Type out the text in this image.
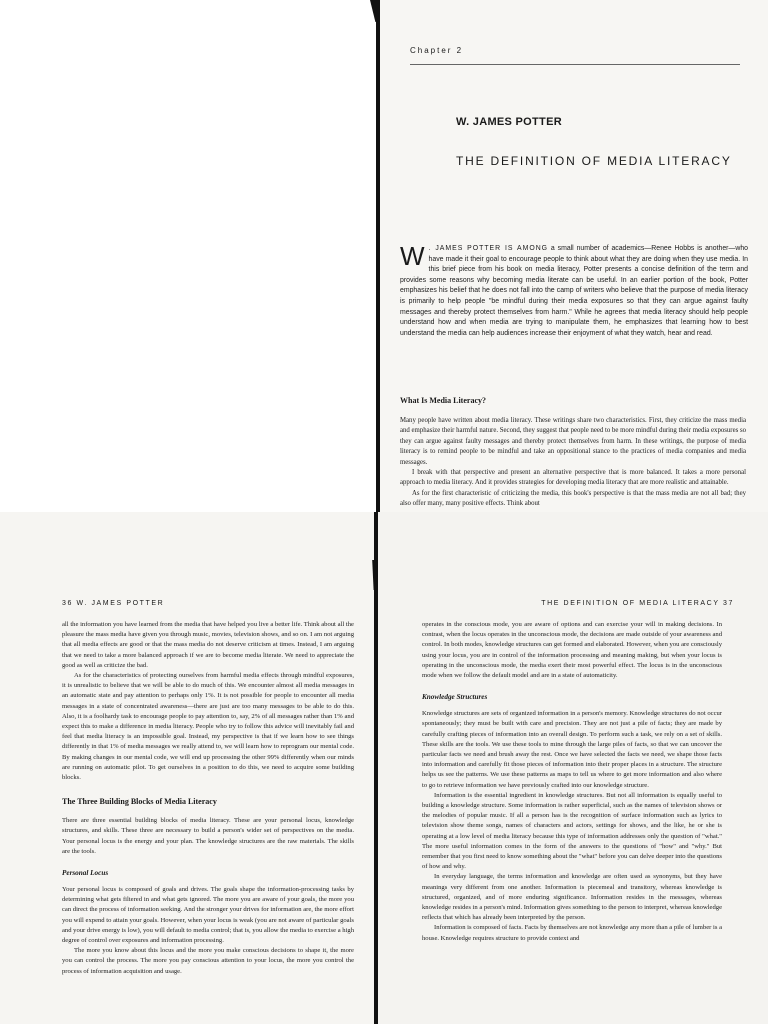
Chapter 2
W. JAMES POTTER
THE DEFINITION OF MEDIA LITERACY
W . JAMES POTTER IS AMONG a small number of academics—Renee Hobbs is another—who have made it their goal to encourage people to think about what they are doing when they use media. In this brief piece from his book on media literacy, Potter presents a concise definition of the term and provides some reasons why becoming media literate can be useful. In an earlier portion of the book, Potter emphasizes his belief that he does not fall into the camp of writers who believe that the purpose of media literacy is primarily to help people "be mindful during their media exposures so that they can argue against faulty messages and thereby protect themselves from harm." While he agrees that media literacy should help people understand how and when media are trying to manipulate them, he emphasizes that learning how to best understand the media can help audiences increase their enjoyment of what they watch, hear and read.
What Is Media Literacy?

Many people have written about media literacy. These writings share two characteristics. First, they criticize the mass media and emphasize their harmful nature. Second, they suggest that people need to be more mindful during their media exposures so they can argue against faulty messages and thereby protect themselves from harm. In these writings, the purpose of media literacy is to remind people to be mindful and take an oppositional stance to the practices of media companies and media messages.

I break with that perspective and present an alternative perspective that is more balanced. It takes a more personal approach to media literacy. And it provides strategies for developing media literacy that are more realistic and attainable.

As for the first characteristic of criticizing the media, this book's perspective is that the mass media are not all bad; they also offer many, many positive effects. Think about

36 W. JAMES POTTER

all the information you have learned from the media that have helped you live a better life. Think about all the pleasure the mass media have given you through music, movies, television shows, and so on. I am not arguing that all media effects are good or that the mass media do not deserve criticism at times. Instead, I am arguing that we need to take a more balanced approach if we are to become media literate. We need to appreciate the good as well as criticize the bad.

As for the characteristics of protecting ourselves from harmful media effects through mindful exposures, it is unrealistic to believe that we will be able to do much of this. We encounter almost all media messages in an automatic state and pay attention to perhaps only 1%. It is not possible for people to encounter all media messages in a state of concentrated awareness—there are just are too many messages to be able to do this. Also, it is a foolhardy task to encourage people to pay attention to, say, 2% of all messages rather than 1% and expect this to make a difference in media literacy. People who try to follow this advice will inevitably fail and feel that media literacy is an impossible goal. Instead, my perspective is that if we learn how to see things differently in that 1% of media messages we really attend to, we will learn how to reprogram our mental code. By making changes in our mental code, we will end up processing the other 99% differently when our minds are running on automatic pilot. To get ourselves in a position to do this, we need to acquire some building blocks.

The Three Building Blocks of Media Literacy

There are three essential building blocks of media literacy. These are your personal locus, knowledge structures, and skills. These three are necessary to build a person's wider set of perspectives on the media. Your personal locus is the energy and your plan. The knowledge structures are the raw materials. The skills are the tools.

Personal Locus

Your personal locus is composed of goals and drives. The goals shape the information-processing tasks by determining what gets filtered in and what gets ignored. The more you are aware of your goals, the more you can direct the process of information seeking. And the stronger your drives for information are, the more effort you will expend to attain your goals. However, when your locus is weak (you are not aware of particular goals and your drive energy is low), you will default to media control; that is, you allow the media to exercise a high degree of control over exposures and information processing.

The more you know about this locus and the more you make conscious decisions to shape it, the more you can control the process. The more you pay conscious attention to your locus, the more you control the process of information acquisition and usage.

THE DEFINITION OF MEDIA LITERACY 37

operates in the conscious mode, you are aware of options and can exercise your will in making decisions. In contrast, when the locus operates in the unconscious mode, the decisions are made outside of your awareness and control. In both modes, knowledge structures can get formed and elaborated. However, when you are consciously using your locus, you are in control of the information processing and meaning making, but when your locus is operating in the unconscious mode, the media exert their most powerful effect. The locus is in the unconscious mode when we follow the default model and are in a state of automaticity.

Knowledge Structures

Knowledge structures are sets of organized information in a person's memory. Knowledge structures do not occur spontaneously; they must be built with care and precision. They are not just a pile of facts; they are made by carefully crafting pieces of information into an overall design. To perform such a task, we rely on a set of skills. These skills are the tools. We use these tools to mine through the large piles of facts, so that we can uncover the particular facts we need and brush away the rest. Once we have selected the facts we need, we shape those facts into information and carefully fit those pieces of information into their proper places in a structure. The structure helps us see the patterns. We use these patterns as maps to tell us where to get more information and also where to go to retrieve information we have previously crafted into our knowledge structure.

Information is the essential ingredient in knowledge structures. But not all information is equally useful to building a knowledge structure. Some information is rather superficial, such as the names of television shows or the melodies of popular music. If all a person has is the recognition of surface information such as lyrics to television show theme songs, names of characters and actors, settings for shows, and the like, he or she is operating at a low level of media literacy because this type of information addresses only the question of "what." The more useful information comes in the form of the answers to the questions of "how" and "why." But remember that you first need to know something about the "what" before you can delve deeper into the questions of how and why.

In everyday language, the terms information and knowledge are often used as synonyms, but they have meanings very different from one another. Information is piecemeal and transitory, whereas knowledge is structured, organized, and of more enduring significance. Information resides in the messages, whereas knowledge resides in a person's mind. Information gives something to the person to interpret, whereas knowledge reflects that which has already been interpreted by the person.

Information is composed of facts. Facts by themselves are not knowledge any more than a pile of lumber is a house. Knowledge requires structure to provide context and
